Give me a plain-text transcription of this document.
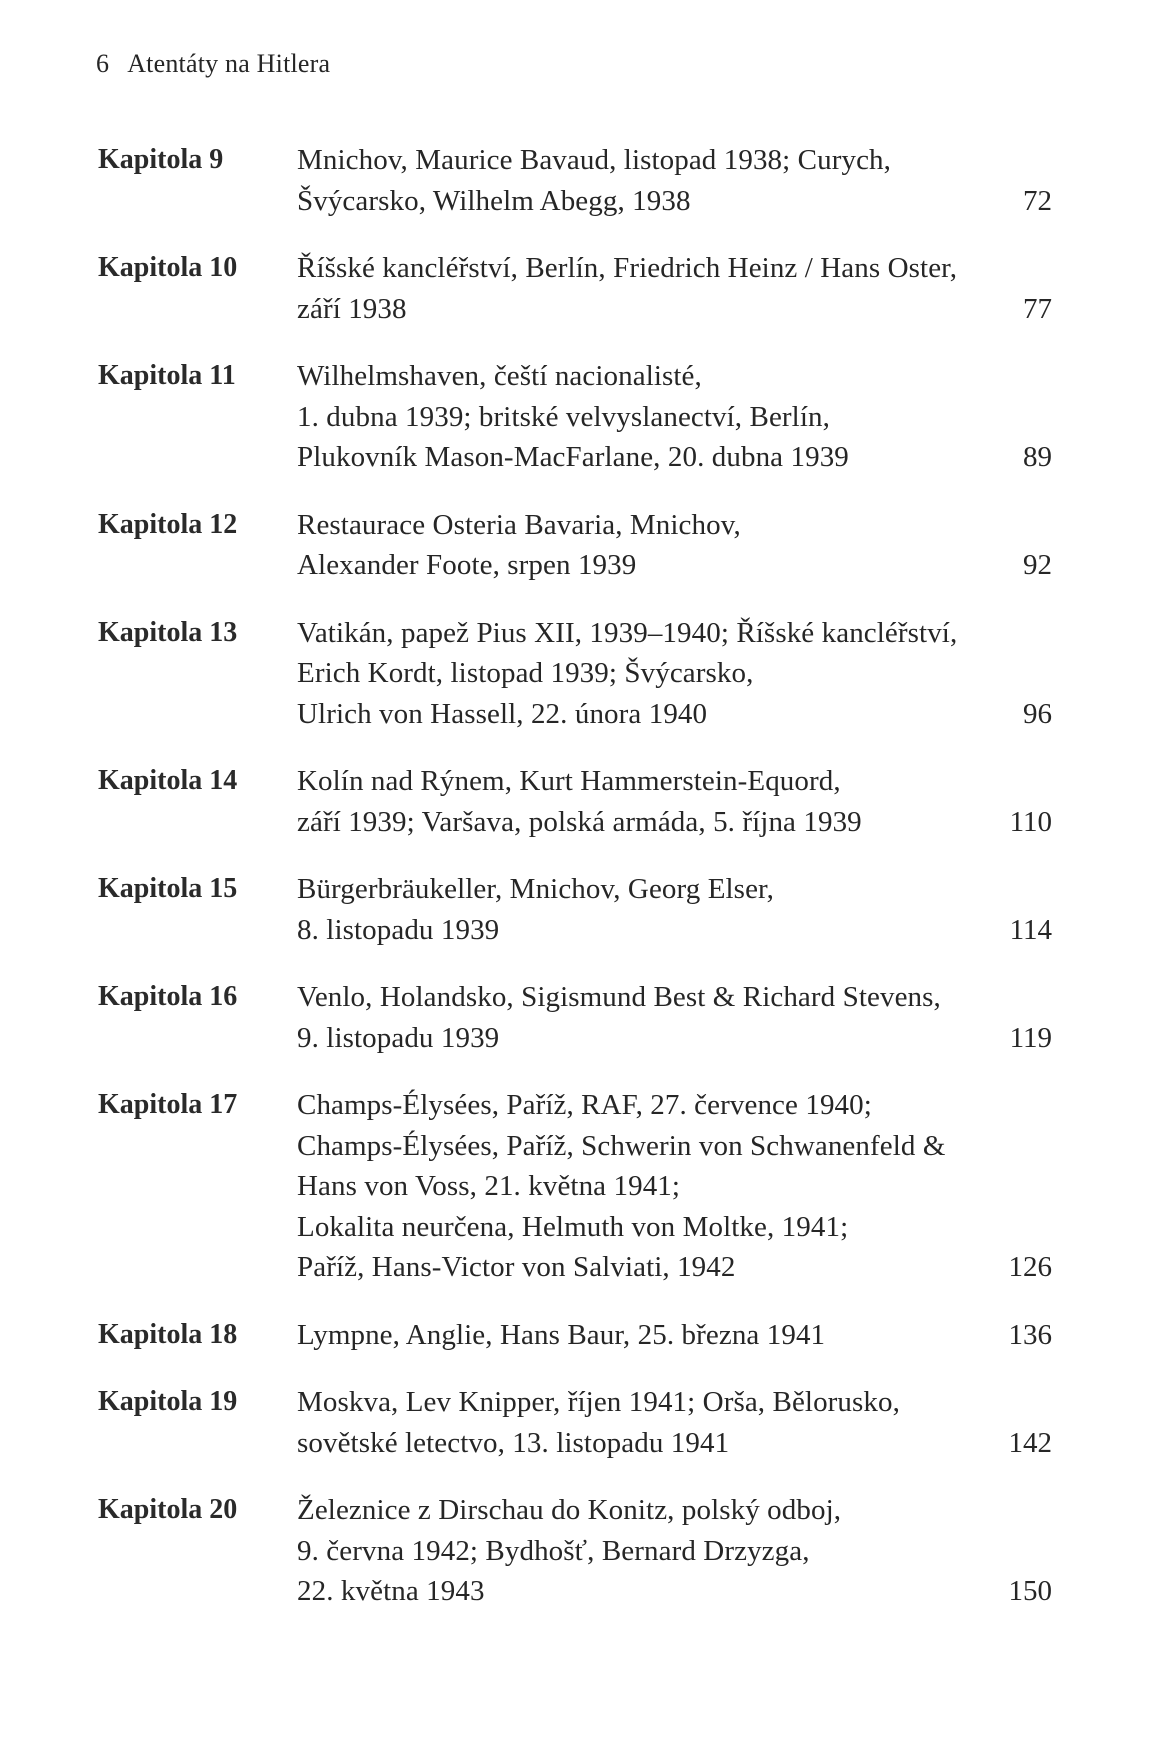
6 Atentáty na Hitlera
Kapitola 9	Mnichov, Maurice Bavaud, listopad 1938; Curych,
Švýcarsko, Wilhelm Abegg, 1938	72
Kapitola 10	Říšské kancléřství, Berlín, Friedrich Heinz / Hans Oster,
září 1938	77
Kapitola 11	Wilhelmshaven, čeští nacionalisté,
1. dubna 1939; britské velvyslanectví, Berlín,
Plukovník Mason-MacFarlane, 20. dubna 1939	89
Kapitola 12	Restaurace Osteria Bavaria, Mnichov,
Alexander Foote, srpen 1939	92
Kapitola 13	Vatikán, papež Pius XII, 1939–1940; Říšské kancléřství,
Erich Kordt, listopad 1939; Švýcarsko,
Ulrich von Hassell, 22. února 1940	96
Kapitola 14	Kolín nad Rýnem, Kurt Hammerstein-Equord,
září 1939; Varšava, polská armáda, 5. října 1939	110
Kapitola 15	Bürgerbräukeller, Mnichov, Georg Elser,
8. listopadu 1939	114
Kapitola 16	Venlo, Holandsko, Sigismund Best & Richard Stevens,
9. listopadu 1939	119
Kapitola 17	Champs-Élysées, Paříž, RAF, 27. července 1940;
Champs-Élysées, Paříž, Schwerin von Schwanenfeld &
Hans von Voss, 21. května 1941;
Lokalita neurčena, Helmuth von Moltke, 1941;
Paříž, Hans-Victor von Salviati, 1942	126
Kapitola 18	Lympne, Anglie, Hans Baur, 25. března 1941	136
Kapitola 19	Moskva, Lev Knipper, říjen 1941; Orša, Bělorusko,
sovětské letectvo, 13. listopadu 1941	142
Kapitola 20	Železnice z Dirschau do Konitz, polský odboj,
9. června 1942; Bydhošť, Bernard Drzyzga,
22. května 1943	150
